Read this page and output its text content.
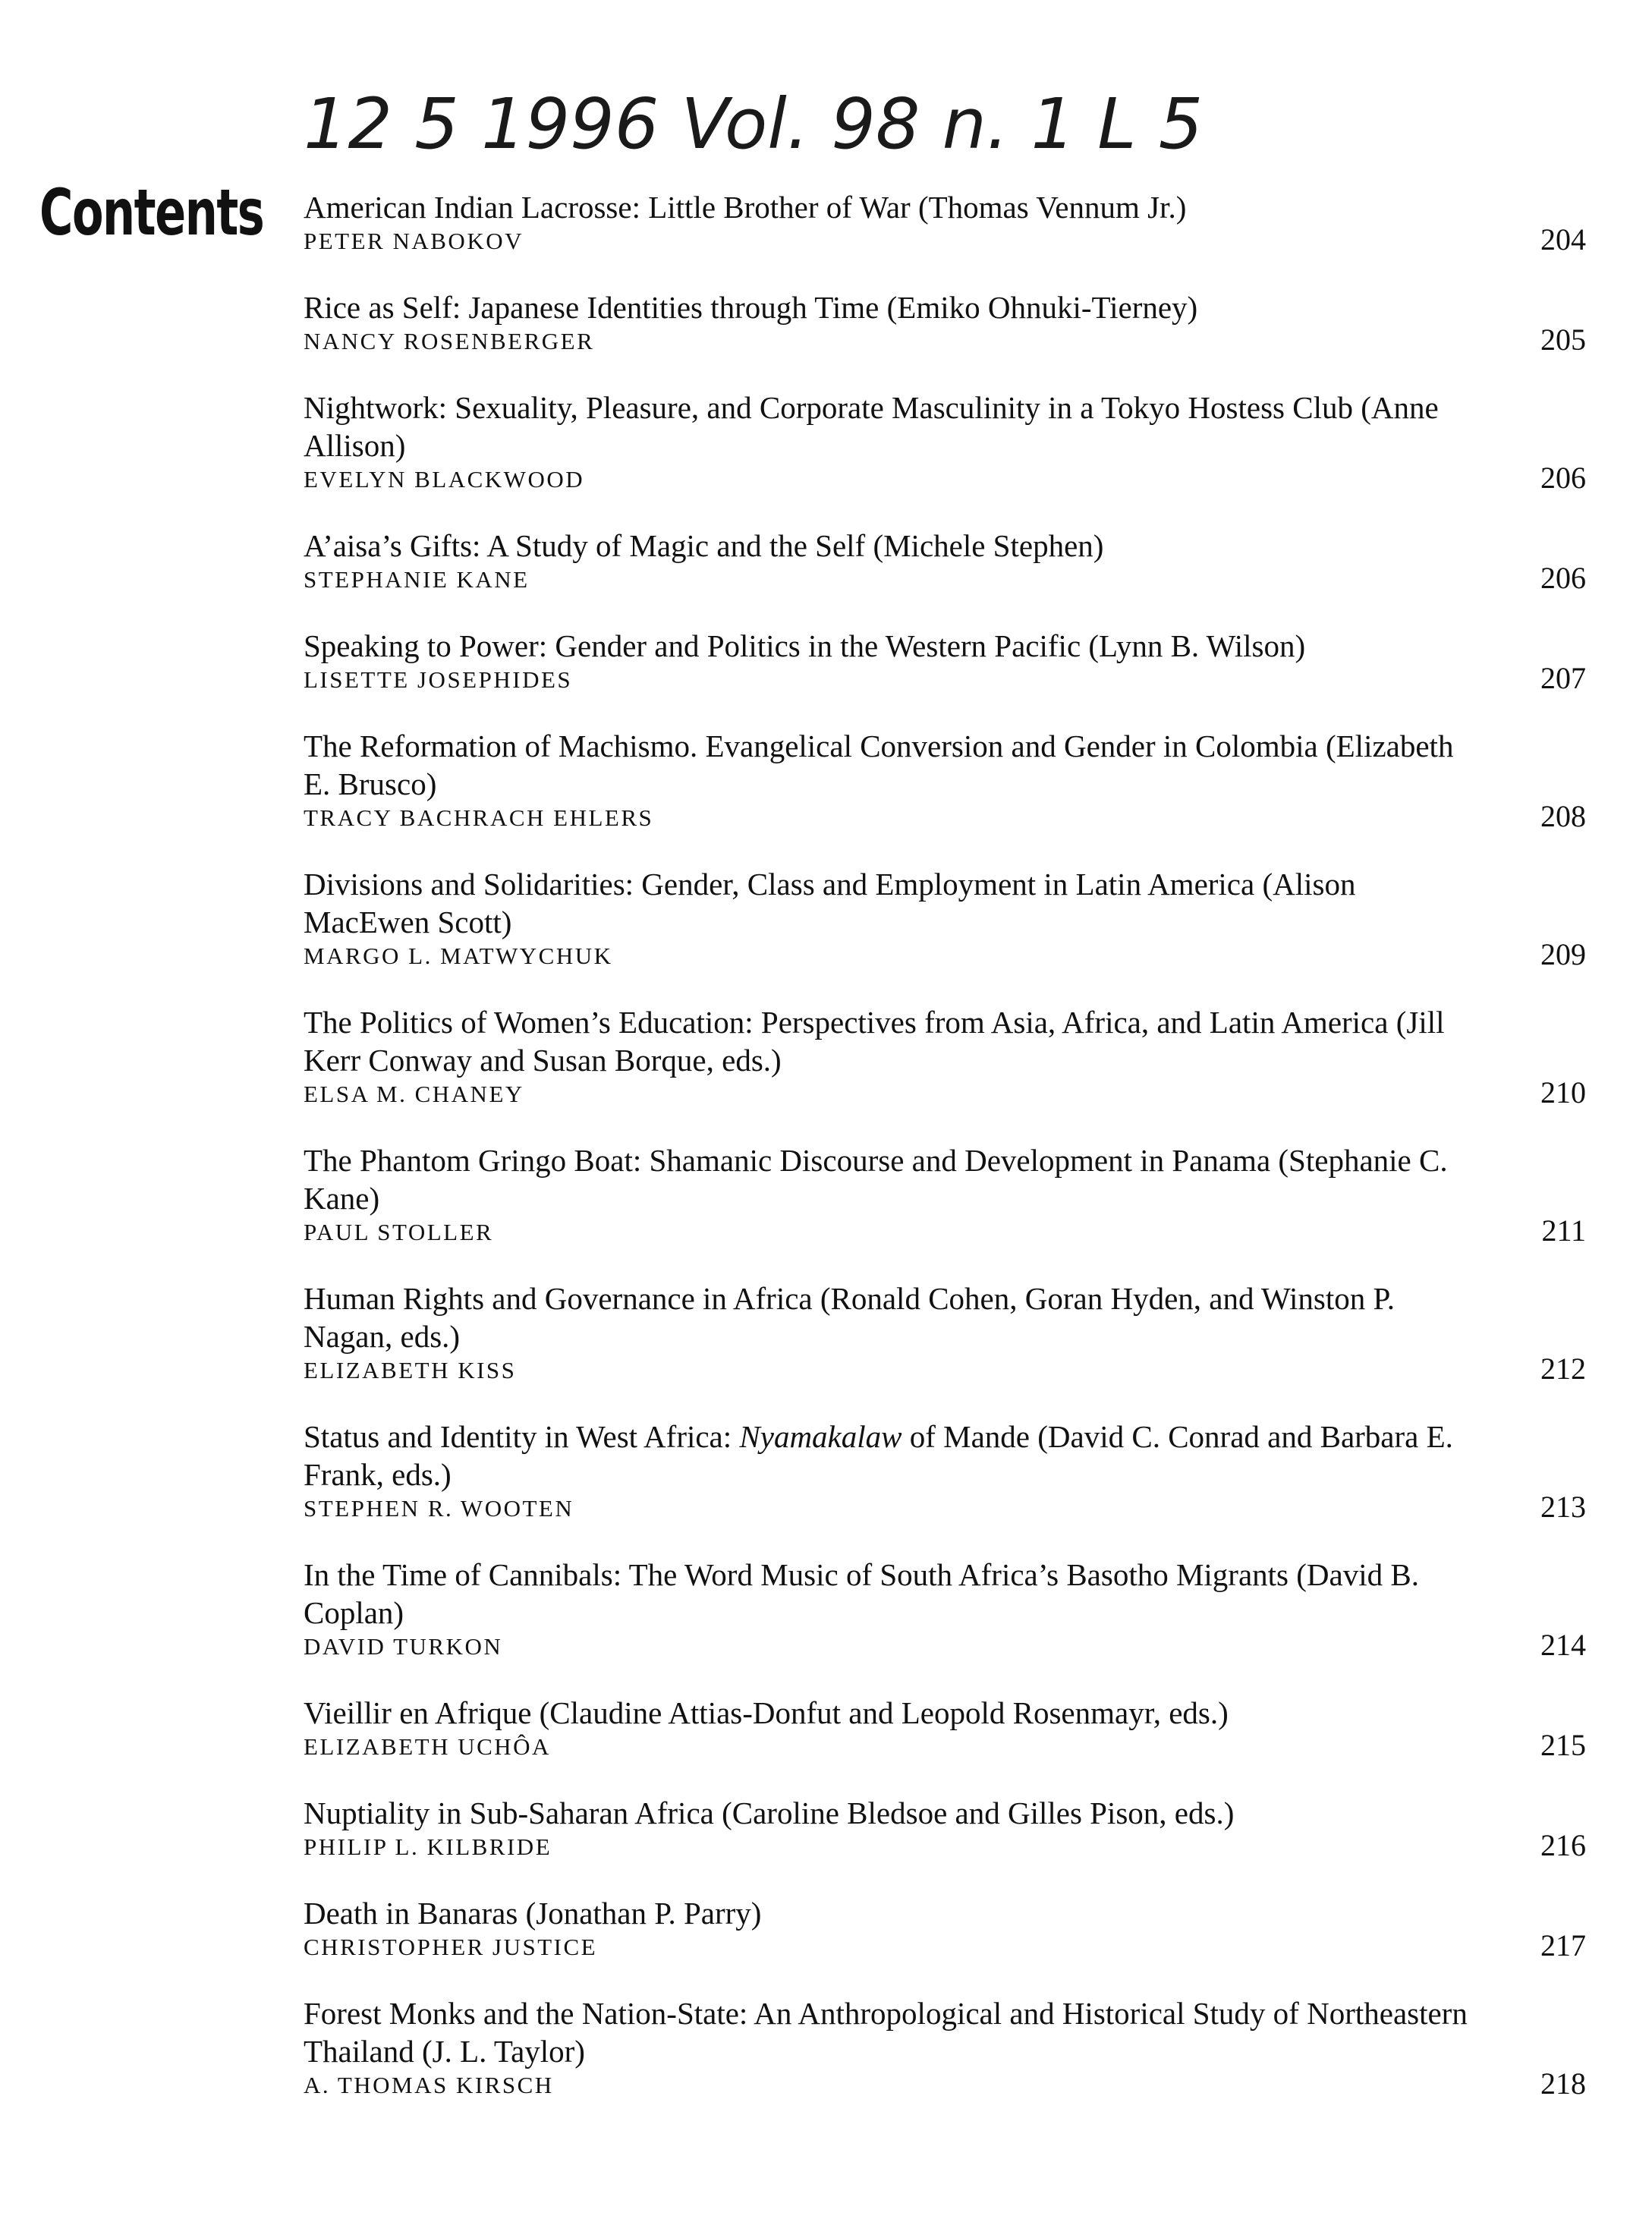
12 5 1996 Vol. 98 n. 1 L 5
Contents American Indian Lacrosse: Little Brother of War (Thomas Vennum Jr.)
PETER NABOKOV	204
Rice as Self: Japanese Identities through Time (Emiko Ohnuki-Tierney)
NANCY ROSENBERGER	205
Nightwork: Sexuality, Pleasure, and Corporate Masculinity in a Tokyo Hostess Club (Anne Allison)
EVELYN BLACKWOOD	206
A’aisa’s Gifts: A Study of Magic and the Self (Michele Stephen)
STEPHANIE KANE	206
Speaking to Power: Gender and Politics in the Western Pacific (Lynn B. Wilson)
LISETTE JOSEPHIDES	207
The Reformation of Machismo. Evangelical Conversion and Gender in Colombia (Elizabeth E. Brusco)
TRACY BACHRACH EHLERS	208
Divisions and Solidarities: Gender, Class and Employment in Latin America (Alison MacEwen Scott)
MARGO L. MATWYCHUK	209
The Politics of Women’s Education: Perspectives from Asia, Africa, and Latin America (Jill Kerr Conway and Susan Borque, eds.)
ELSA M. CHANEY	210
The Phantom Gringo Boat: Shamanic Discourse and Development in Panama (Stephanie C. Kane)
PAUL STOLLER	211
Human Rights and Governance in Africa (Ronald Cohen, Goran Hyden, and Winston P. Nagan, eds.)
ELIZABETH KISS	212
Status and Identity in West Africa: Nyamakalaw of Mande (David C. Conrad and Barbara E. Frank, eds.)
STEPHEN R. WOOTEN	213
In the Time of Cannibals: The Word Music of South Africa’s Basotho Migrants (David B. Coplan)
DAVID TURKON	214
Vieillir en Afrique (Claudine Attias-Donfut and Leopold Rosenmayr, eds.)
ELIZABETH UCHÔA	215
Nuptiality in Sub-Saharan Africa (Caroline Bledsoe and Gilles Pison, eds.)
PHILIP L. KILBRIDE	216
Death in Banaras (Jonathan P. Parry)
CHRISTOPHER JUSTICE	217
Forest Monks and the Nation-State: An Anthropological and Historical Study of Northeastern Thailand (J. L. Taylor)
A. THOMAS KIRSCH	218
